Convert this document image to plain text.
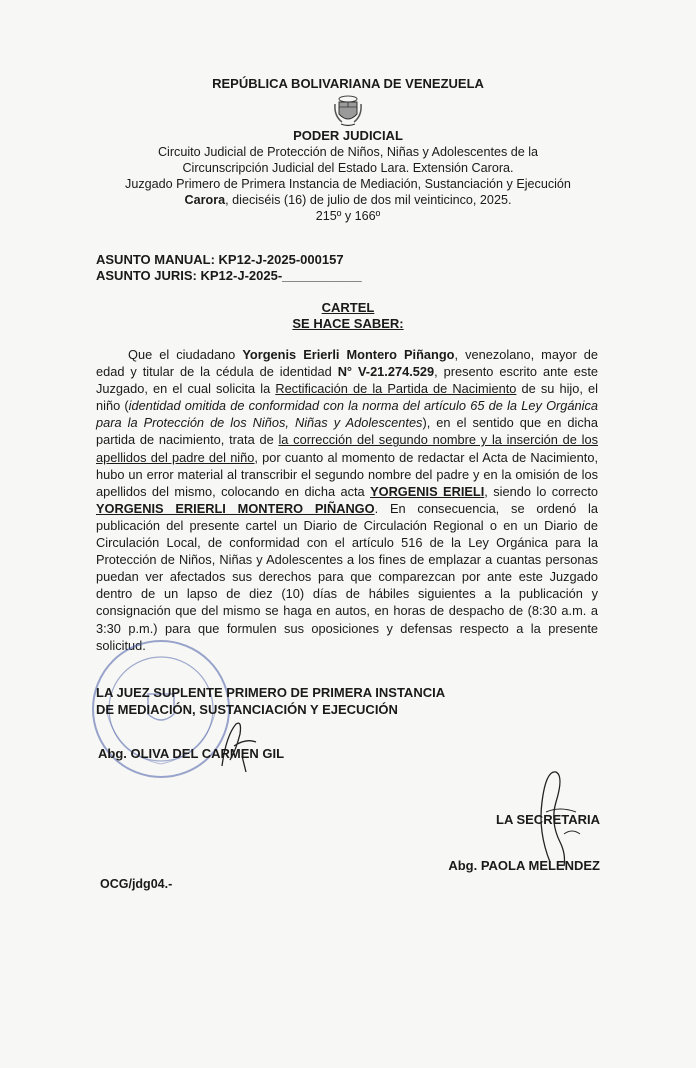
REPÚBLICA BOLIVARIANA DE VENEZUELA
PODER JUDICIAL
Circuito Judicial de Protección de Niños, Niñas y Adolescentes de la
Circunscripción Judicial del Estado Lara. Extensión Carora.
Juzgado Primero de Primera Instancia de Mediación, Sustanciación y Ejecución
Carora, dieciséis (16) de julio de dos mil veinticinco, 2025.
215º y 166º
ASUNTO MANUAL: KP12-J-2025-000157
ASUNTO JURIS: KP12-J-2025-___________
CARTEL
SE HACE SABER:

Que el ciudadano Yorgenis Erierli Montero Piñango, venezolano, mayor de edad y titular de la cédula de identidad N° V-21.274.529, presento escrito ante este Juzgado, en el cual solicita la Rectificación de la Partida de Nacimiento de su hijo, el niño (identidad omitida de conformidad con la norma del artículo 65 de la Ley Orgánica para la Protección de los Niños, Niñas y Adolescentes), en el sentido que en dicha partida de nacimiento, trata de la corrección del segundo nombre y la inserción de los apellidos del padre del niño, por cuanto al momento de redactar el Acta de Nacimiento, hubo un error material al transcribir el segundo nombre del padre y en la omisión de los apellidos del mismo, colocando en dicha acta YORGENIS ERIELI, siendo lo correcto YORGENIS ERIERLI MONTERO PIÑANGO. En consecuencia, se ordenó la publicación del presente cartel un Diario de Circulación Regional o en un Diario de Circulación Local, de conformidad con el artículo 516 de la Ley Orgánica para la Protección de Niños, Niñas y Adolescentes a los fines de emplazar a cuantas personas puedan ver afectados sus derechos para que comparezcan por ante este Juzgado dentro de un lapso de diez (10) días de hábiles siguientes a la publicación y consignación que del mismo se haga en autos, en horas de despacho de (8:30 a.m. a 3:30 p.m.) para que formulen sus oposiciones y defensas respecto a la presente solicitud.

LA JUEZ SUPLENTE PRIMERO DE PRIMERA INSTANCIA
DE MEDIACIÓN, SUSTANCIACIÓN Y EJECUCIÓN
Abg. OLIVA DEL CARMEN GIL
LA SECRETARIA
Abg. PAOLA MELENDEZ
OCG/jdg04.-
